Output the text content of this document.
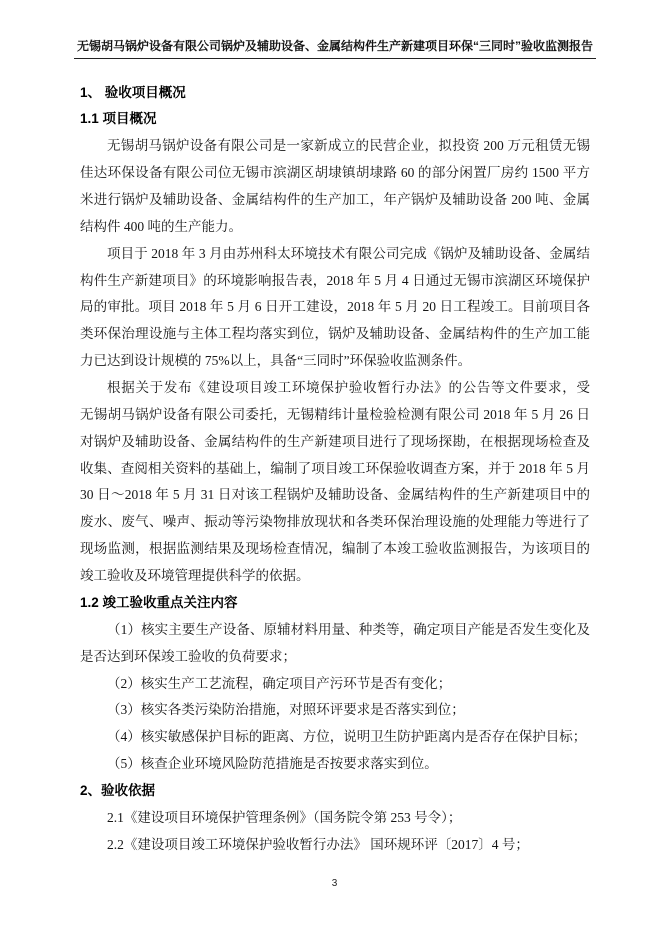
无锡胡马锅炉设备有限公司锅炉及辅助设备、金属结构件生产新建项目环保“三同时”验收监测报告
1、 验收项目概况
1.1 项目概况
无锡胡马锅炉设备有限公司是一家新成立的民营企业，拟投资 200 万元租赁无锡
佳达环保设备有限公司位无锡市滨湖区胡埭镇胡埭路 60 的部分闲置厂房约 1500 平方
米进行锅炉及辅助设备、金属结构件的生产加工，年产锅炉及辅助设备 200 吨、金属
结构件 400 吨的生产能力。
项目于 2018 年 3 月由苏州科太环境技术有限公司完成《锅炉及辅助设备、金属结
构件生产新建项目》的环境影响报告表，2018 年 5 月 4 日通过无锡市滨湖区环境保护
局的审批。项目 2018 年 5 月 6 日开工建设，2018 年 5 月 20 日工程竣工。目前项目各
类环保治理设施与主体工程均落实到位，锅炉及辅助设备、金属结构件的生产加工能
力已达到设计规模的 75%以上，具备“三同时”环保验收监测条件。
根据关于发布《建设项目竣工环境保护验收暂行办法》的公告等文件要求，受
无锡胡马锅炉设备有限公司委托，无锡精纬计量检验检测有限公司 2018 年 5 月 26 日
对锅炉及辅助设备、金属结构件的生产新建项目进行了现场探勘，在根据现场检查及
收集、查阅相关资料的基础上，编制了项目竣工环保验收调查方案，并于 2018 年 5 月
30 日～2018 年 5 月 31 日对该工程锅炉及辅助设备、金属结构件的生产新建项目中的
废水、废气、噪声、振动等污染物排放现状和各类环保治理设施的处理能力等进行了
现场监测，根据监测结果及现场检查情况，编制了本竣工验收监测报告，为该项目的
竣工验收及环境管理提供科学的依据。
1.2 竣工验收重点关注内容
（1）核实主要生产设备、原辅材料用量、种类等，确定项目产能是否发生变化及
是否达到环保竣工验收的负荷要求；
（2）核实生产工艺流程，确定项目产污环节是否有变化；
（3）核实各类污染防治措施，对照环评要求是否落实到位；
（4）核实敏感保护目标的距离、方位，说明卫生防护距离内是否存在保护目标；
（5）核查企业环境风险防范措施是否按要求落实到位。
2、验收依据
2.1《建设项目环境保护管理条例》（国务院令第 253 号令）；
2.2《建设项目竣工环境保护验收暂行办法》 国环规环评〔2017〕4 号；
3
